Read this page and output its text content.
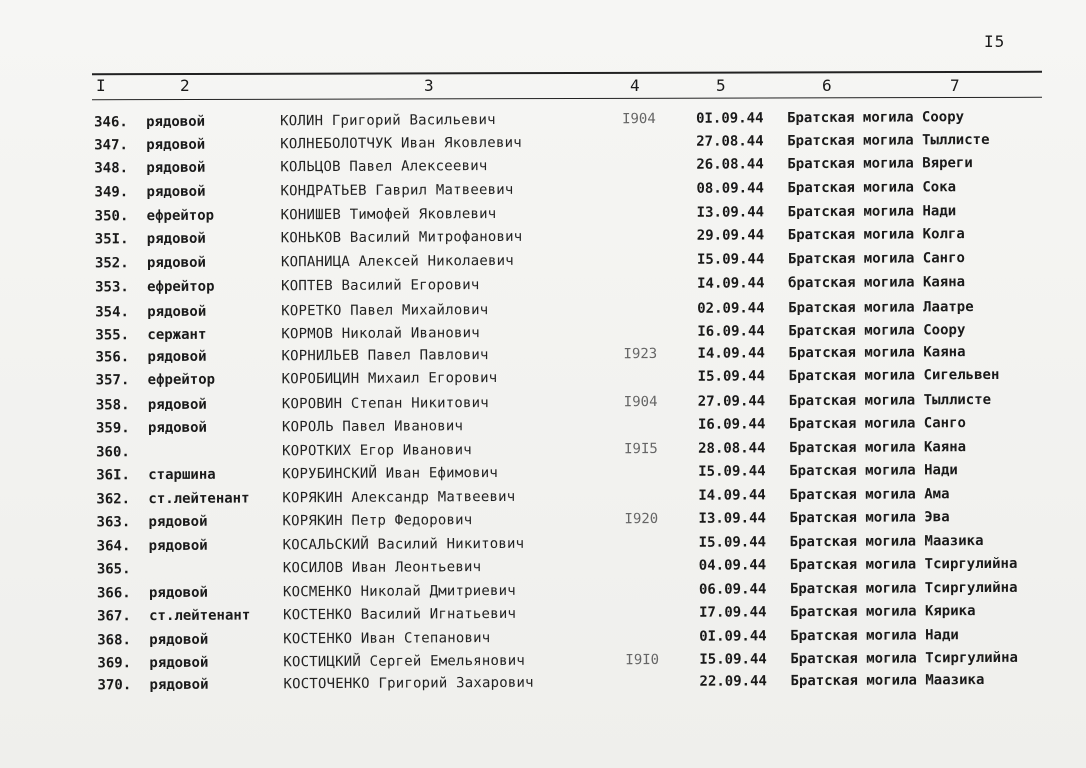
I5
I	2	3	4	5	6	7
346. рядовой	КОЛИН Григорий Васильевич	I904	0I.09.44 Братская могила Соору
347. рядовой	КОЛНЕБОЛОТЧУК Иван Яковлевич	27.08.44 Братская могила Тыллисте
348. рядовой	КОЛЬЦОВ Павел Алексеевич	26.08.44 Братская могила Вяреги
349. рядовой	КОНДРАТЬЕВ Гаврил Матвеевич	08.09.44 Братская могила Сока
350. ефрейтор	КОНИШЕВ Тимофей Яковлевич	I3.09.44 Братская могила Нади
35I. рядовой	КОНЬКОВ Василий Митрофанович	29.09.44 Братская могила Колга
352. рядовой	КОПАНИЦА Алексей Николаевич	I5.09.44 Братская могила Санго
353. ефрейтор	КОПТЕВ Василий Егорович	I4.09.44 братская могила Каяна
354. рядовой	КОРЕТКО Павел Михайлович	02.09.44 Братская могила Лаатре
355. сержант	КОРМОВ Николай Иванович	I6.09.44 Братская могила Соору
356. рядовой	КОРНИЛЬЕВ Павел Павлович	I923	I4.09.44 Братская могила Каяна
357. ефрейтор	КОРОБИЦИН Михаил Егорович	I5.09.44 Братская могила Сигельвен
358. рядовой	КОРОВИН Степан Никитович	I904	27.09.44 Братская могила Тыллисте
359. рядовой	КОРОЛЬ Павел Иванович	I6.09.44 Братская могила Санго
360.	КОРОТКИХ Егор Иванович	I9I5	28.08.44 Братская могила Каяна
36I. старшина	КОРУБИНСКИЙ Иван Ефимович	I5.09.44 Братская могила Нади
362. ст.лейтенант КОРЯКИН Александр Матвеевич	I4.09.44 Братская могила Ама
363. рядовой	КОРЯКИН Петр Федорович	I920	I3.09.44 Братская могила Эва
364. рядовой	КОСАЛЬСКИЙ Василий Никитович	I5.09.44 Братская могила Маазика
365.	КОСИЛОВ Иван Леонтьевич	04.09.44 Братская могила Тсиргулийна
366. рядовой	КОСМЕНКО Николай Дмитриевич	06.09.44 Братская могила Тсиргулийна
367. ст.лейтенант КОСТЕНКО Василий Игнатьевич	I7.09.44 Братская могила Кярика
368. рядовой	КОСТЕНКО Иван Степанович	0I.09.44 Братская могила Нади
369. рядовой	КОСТИЦКИЙ Сергей Емельянович	I9I0	I5.09.44 Братская могила Тсиргулийна
370. рядовой	КОСТОЧЕНКО Григорий Захарович	22.09.44 Братская могила Маазика
